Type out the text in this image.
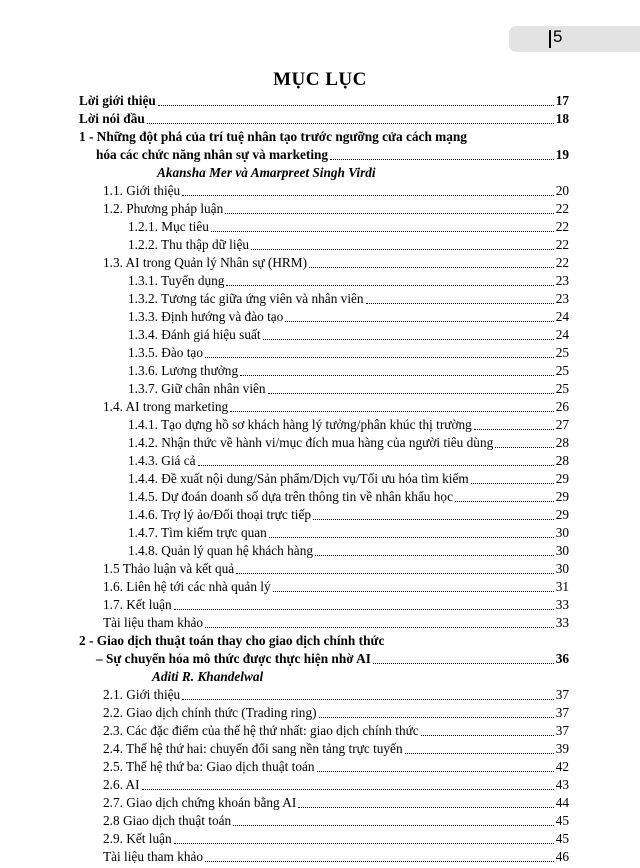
5
MỤC LỤC
Lời giới thiệu	17
Lời nói đầu	18
1 - Những đột phá của trí tuệ nhân tạo trước ngưỡng cửa cách mạng
hóa các chức năng nhân sự và marketing	19
Akansha Mer và Amarpreet Singh Virdi
1.1. Giới thiệu	20
1.2. Phương pháp luận	22
1.2.1. Mục tiêu	22
1.2.2. Thu thập dữ liệu	22
1.3. AI trong Quản lý Nhân sự (HRM)	22
1.3.1. Tuyển dụng	23
1.3.2. Tương tác giữa ứng viên và nhân viên	23
1.3.3. Định hướng và đào tạo	24
1.3.4. Đánh giá hiệu suất	24
1.3.5. Đào tạo	25
1.3.6. Lương thưởng	25
1.3.7. Giữ chân nhân viên	25
1.4. AI trong marketing	26
1.4.1. Tạo dựng hồ sơ khách hàng lý tưởng/phân khúc thị trường	27
1.4.2. Nhận thức về hành vi/mục đích mua hàng của người tiêu dùng	28
1.4.3. Giá cả	28
1.4.4. Đề xuất nội dung/Sản phẩm/Dịch vụ/Tối ưu hóa tìm kiếm	29
1.4.5. Dự đoán doanh số dựa trên thông tin về nhân khẩu học	29
1.4.6. Trợ lý ảo/Đối thoại trực tiếp	29
1.4.7. Tìm kiếm trực quan	30
1.4.8. Quản lý quan hệ khách hàng	30
1.5 Thảo luận và kết quả	30
1.6. Liên hệ tới các nhà quản lý	31
1.7. Kết luận	33
Tài liệu tham khảo	33
2 - Giao dịch thuật toán thay cho giao dịch chính thức
– Sự chuyển hóa mô thức được thực hiện nhờ AI	36
Aditi R. Khandelwal
2.1. Giới thiệu	37
2.2. Giao dịch chính thức (Trading ring)	37
2.3. Các đặc điểm của thế hệ thứ nhất: giao dịch chính thức	37
2.4. Thế hệ thứ hai: chuyển đổi sang nền tảng trực tuyến	39
2.5. Thế hệ thứ ba: Giao dịch thuật toán	42
2.6. AI	43
2.7. Giao dịch chứng khoán bằng AI	44
2.8 Giao dịch thuật toán	45
2.9. Kết luận	45
Tài liệu tham khảo	46
